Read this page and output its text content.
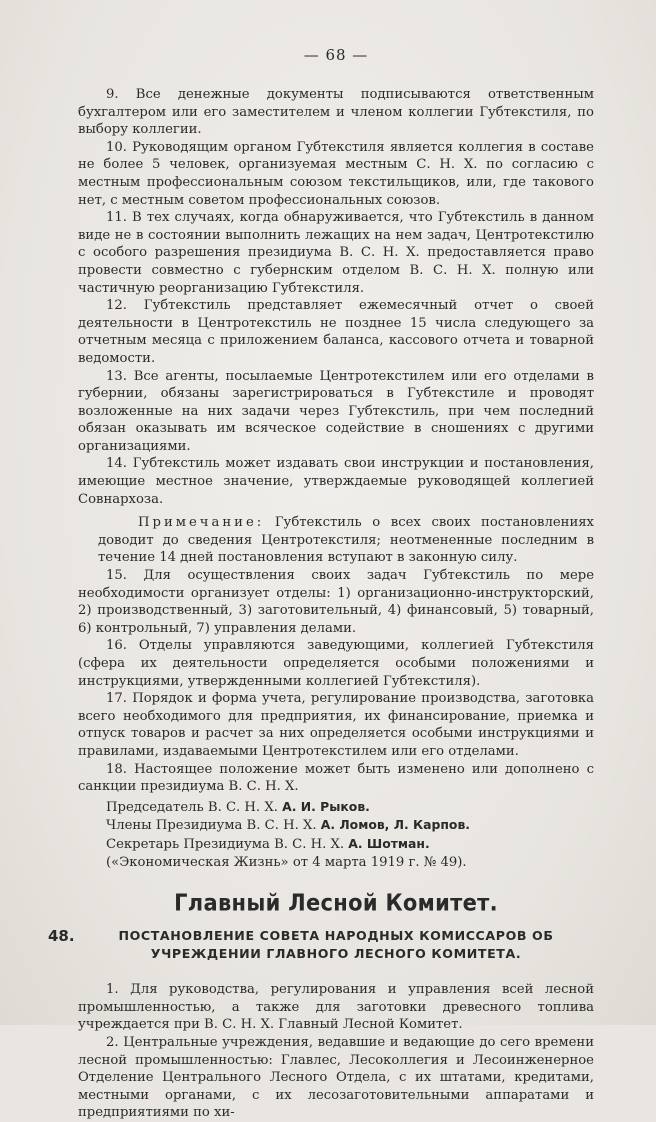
— 68 —

9. Все денежные документы подписываются ответственным бухгалтером или его заместителем и членом коллегии Губтекстиля, по выбору коллегии.

10. Руководящим органом Губтекстиля является коллегия в составе не более 5 человек, организуемая местным С. Н. Х. по согласию с местным профессиональным союзом текстильщиков, или, где такового нет, с местным советом профессиональных союзов.

11. В тех случаях, когда обнаруживается, что Губтекстиль в данном виде не в состоянии выполнить лежащих на нем задач, Центротекстилю с особого разрешения президиума В. С. Н. Х. предоставляется право провести совместно с губернским отделом В. С. Н. Х. полную или частичную реорганизацию Губтекстиля.

12. Губтекстиль представляет ежемесячный отчет о своей деятельности в Центротекстиль не позднее 15 числа следующего за отчетным месяца с приложением баланса, кассового отчета и товарной ведомости.

13. Все агенты, посылаемые Центротекстилем или его отделами в губернии, обязаны зарегистрироваться в Губтекстиле и проводят возложенные на них задачи через Губтекстиль, при чем последний обязан оказывать им всяческое содействие в сношениях с другими организациями.

14. Губтекстиль может издавать свои инструкции и постановления, имеющие местное значение, утверждаемые руководящей коллегией Совнархоза.

Примечание: Губтекстиль о всех своих постановлениях доводит до сведения Центротекстиля; неотмененные последним в течение 14 дней постановления вступают в законную силу.

15. Для осуществления своих задач Губтекстиль по мере необходимости организует отделы: 1) организационно-инструкторский, 2) производственный, 3) заготовительный, 4) финансовый, 5) товарный, 6) контрольный, 7) управления делами.

16. Отделы управляются заведующими, коллегией Губтекстиля (сфера их деятельности определяется особыми положениями и инструкциями, утвержденными коллегией Губтекстиля).

17. Порядок и форма учета, регулирование производства, заготовка всего необходимого для предприятия, их финансирование, приемка и отпуск товаров и расчет за них определяется особыми инструкциями и правилами, издаваемыми Центротекстилем или его отделами.

18. Настоящее положение может быть изменено или дополнено с санкции президиума В. С. Н. Х.

Председатель В. С. Н. Х. А. И. Рыков.

Члены Президиума В. С. Н. Х. А. Ломов, Л. Карпов.

Секретарь Президиума В. С. Н. Х. А. Шотман.

(«Экономическая Жизнь» от 4 марта 1919 г. № 49).

Главный Лесной Комитет.
48.	ПОСТАНОВЛЕНИЕ СОВЕТА НАРОДНЫХ КОМИССАРОВ ОБ УЧРЕЖДЕНИИ ГЛАВНОГО ЛЕСНОГО КОМИТЕТА.

1. Для руководства, регулирования и управления всей лесной промышленностью, а также для заготовки древесного топлива учреждается при В. С. Н. Х. Главный Лесной Комитет.

2. Центральные учреждения, ведавшие и ведающие до сего времени лесной промышленностью: Главлес, Лесоколлегия и Лесоинженерное Отделение Центрального Лесного Отдела, с их штатами, кредитами, местными органами, с их лесозаготовительными аппаратами и предприятиями по хи-
